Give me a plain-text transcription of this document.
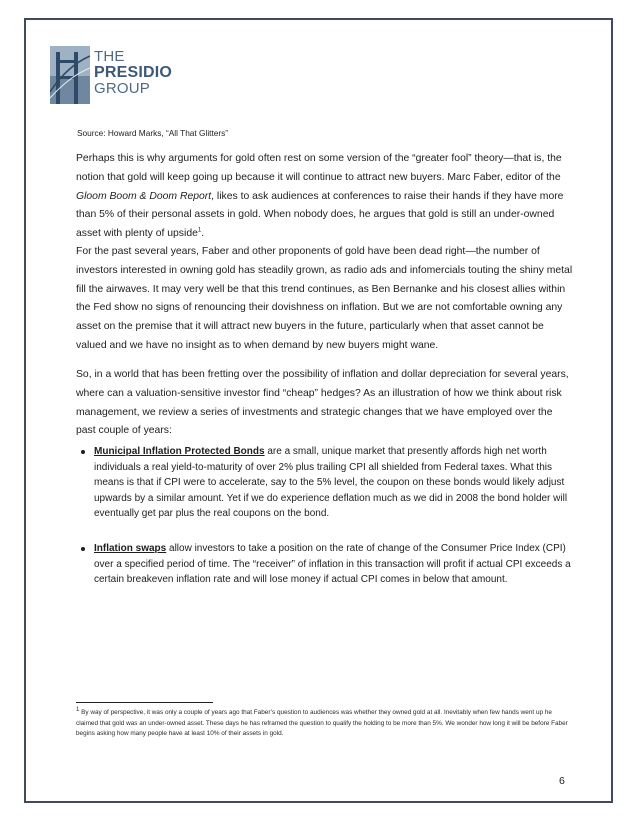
THE
PRESIDIO
GROUP
Source: Howard Marks, “All That Glitters”

Perhaps this is why arguments for gold often rest on some version of the “greater fool” theory—that is, the notion that gold will keep going up because it will continue to attract new buyers. Marc Faber, editor of the Gloom Boom & Doom Report, likes to ask audiences at conferences to raise their hands if they have more than 5% of their personal assets in gold. When nobody does, he argues that gold is still an under-owned asset with plenty of upside$^1$.

For the past several years, Faber and other proponents of gold have been dead right—the number of investors interested in owning gold has steadily grown, as radio ads and infomercials touting the shiny metal fill the airwaves. It may very well be that this trend continues, as Ben Bernanke and his closest allies within the Fed show no signs of renouncing their dovishness on inflation. But we are not comfortable owning any asset on the premise that it will attract new buyers in the future, particularly when that asset cannot be valued and we have no insight as to when demand by new buyers might wane.

So, in a world that has been fretting over the possibility of inflation and dollar depreciation for several years, where can a valuation-sensitive investor find “cheap” hedges? As an illustration of how we think about risk management, we review a series of investments and strategic changes that we have employed over the past couple of years:

Municipal Inflation Protected Bonds are a small, unique market that presently affords high net worth individuals a real yield-to-maturity of over 2% plus trailing CPI all shielded from Federal taxes. What this means is that if CPI were to accelerate, say to the 5% level, the coupon on these bonds would likely adjust upwards by a similar amount. Yet if we do experience deflation much as we did in 2008 the bond holder will eventually get par plus the real coupons on the bond.
Inflation swaps allow investors to take a position on the rate of change of the Consumer Price Index (CPI) over a specified period of time. The “receiver” of inflation in this transaction will profit if actual CPI exceeds a certain breakeven inflation rate and will lose money if actual CPI comes in below that amount.
$^1$ By way of perspective, it was only a couple of years ago that Faber’s question to audiences was whether they owned gold at all. Inevitably when few hands went up he claimed that gold was an under-owned asset. These days he has reframed the question to qualify the holding to be more than 5%. We wonder how long it will be before Faber begins asking how many people have at least 10% of their assets in gold.
6
